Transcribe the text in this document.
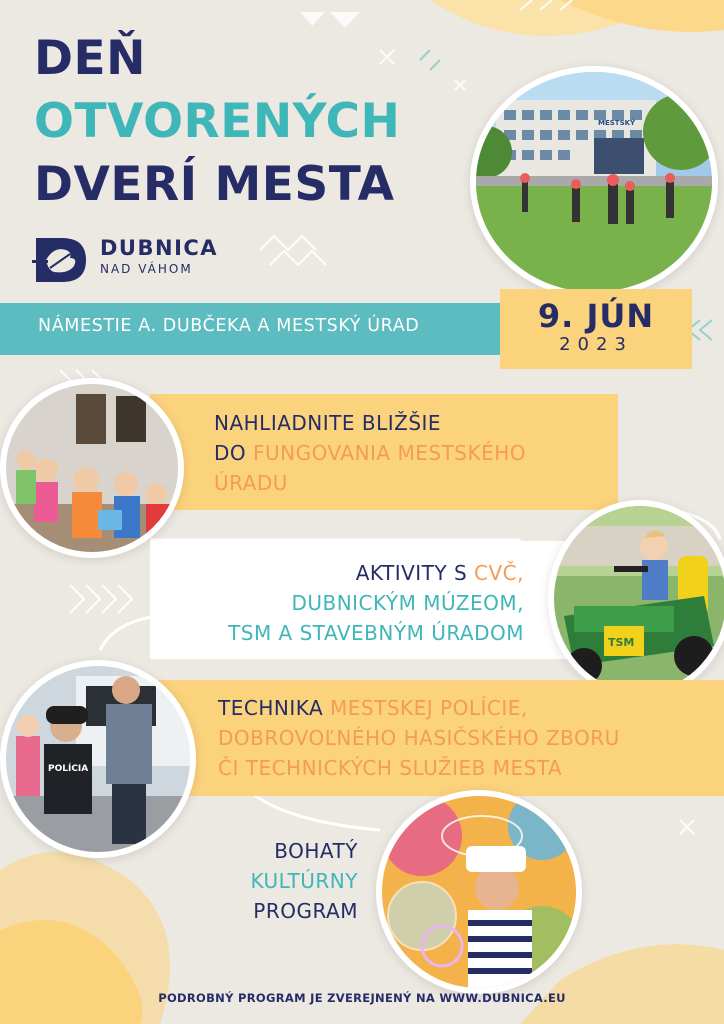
DEŇ
OTVORENÝCH
DVERÍ MESTA
DUBNICA
NAD VÁHOM
MESTSKÝ
NÁMESTIE A. DUBČEKA A MESTSKÝ ÚRAD	9. JÚN
2023
NAHLIADNITE BLIŽŠIE
DO FUNGOVANIA MESTSKÉHO
ÚRADU
AKTIVITY S CVČ,
DUBNICKÝM MÚZEOM,
TSM A STAVEBNÝM ÚRADOM	TSM
TECHNIKA MESTSKEJ POLÍCIE,
DOBROVOĽNÉHO HASIČSKÉHO ZBORU
ČI TECHNICKÝCH SLUŽIEB MESTA
POLÍCIA
BOHATÝ
KULTÚRNY
PROGRAM
PODROBNÝ PROGRAM JE ZVEREJNENÝ NA WWW.DUBNICA.EU
